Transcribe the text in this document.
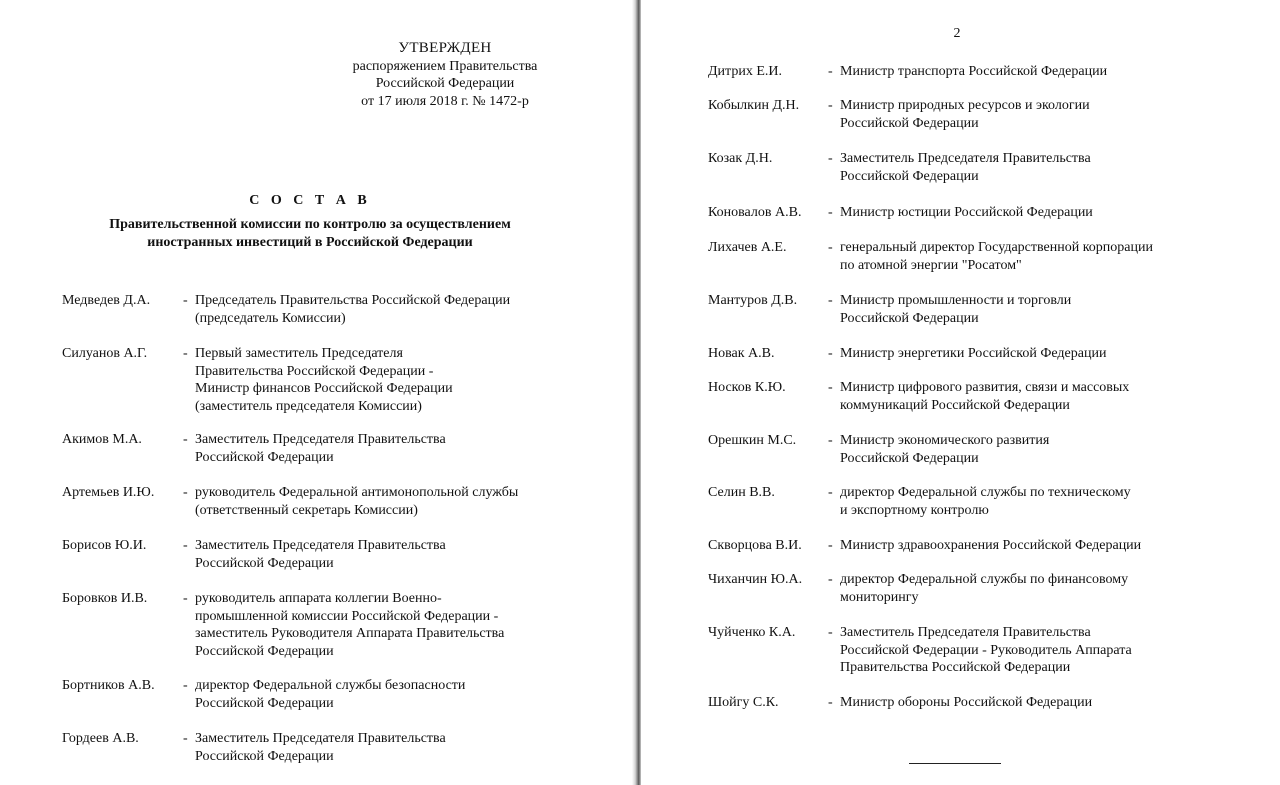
УТВЕРЖДЕН
распоряжением Правительства
Российской Федерации
от 17 июля 2018 г. № 1472-р
С О С Т А В
Правительственной комиссии по контролю за осуществлением
иностранных инвестиций в Российской Федерации
Медведев Д.А. - Председатель Правительства Российской Федерации
(председатель Комиссии)
Силуанов А.Г.	- Первый заместитель Председателя
Правительства Российской Федерации -
Министр финансов Российской Федерации
(заместитель председателя Комиссии)
Акимов М.А.	- Заместитель Председателя Правительства
Российской Федерации
Артемьев И.Ю. - руководитель Федеральной антимонопольной службы
(ответственный секретарь Комиссии)
Борисов Ю.И.	- Заместитель Председателя Правительства
Российской Федерации
Боровков И.В.	- руководитель аппарата коллегии Военно-
промышленной комиссии Российской Федерации -
заместитель Руководителя Аппарата Правительства
Российской Федерации
Бортников А.В. - директор Федеральной службы безопасности
Российской Федерации
Гордеев А.В.	- Заместитель Председателя Правительства
Российской Федерации
2
Дитрих Е.И.	- Министр транспорта Российской Федерации
Кобылкин Д.Н. - Министр природных ресурсов и экологии
Российской Федерации
Козак Д.Н.	- Заместитель Председателя Правительства
Российской Федерации
Коновалов А.В. - Министр юстиции Российской Федерации
Лихачев А.Е.	- генеральный директор Государственной корпорации
по атомной энергии "Росатом"
Мантуров Д.В. - Министр промышленности и торговли
Российской Федерации
Новак А.В.	- Министр энергетики Российской Федерации
Носков К.Ю.	- Министр цифрового развития, связи и массовых
коммуникаций Российской Федерации
Орешкин М.С. - Министр экономического развития
Российской Федерации
Селин В.В.	- директор Федеральной службы по техническому
и экспортному контролю
Скворцова В.И. - Министр здравоохранения Российской Федерации
Чиханчин Ю.А. - директор Федеральной службы по финансовому
мониторингу
Чуйченко К.А. - Заместитель Председателя Правительства
Российской Федерации - Руководитель Аппарата
Правительства Российской Федерации
Шойгу С.К.	- Министр обороны Российской Федерации
